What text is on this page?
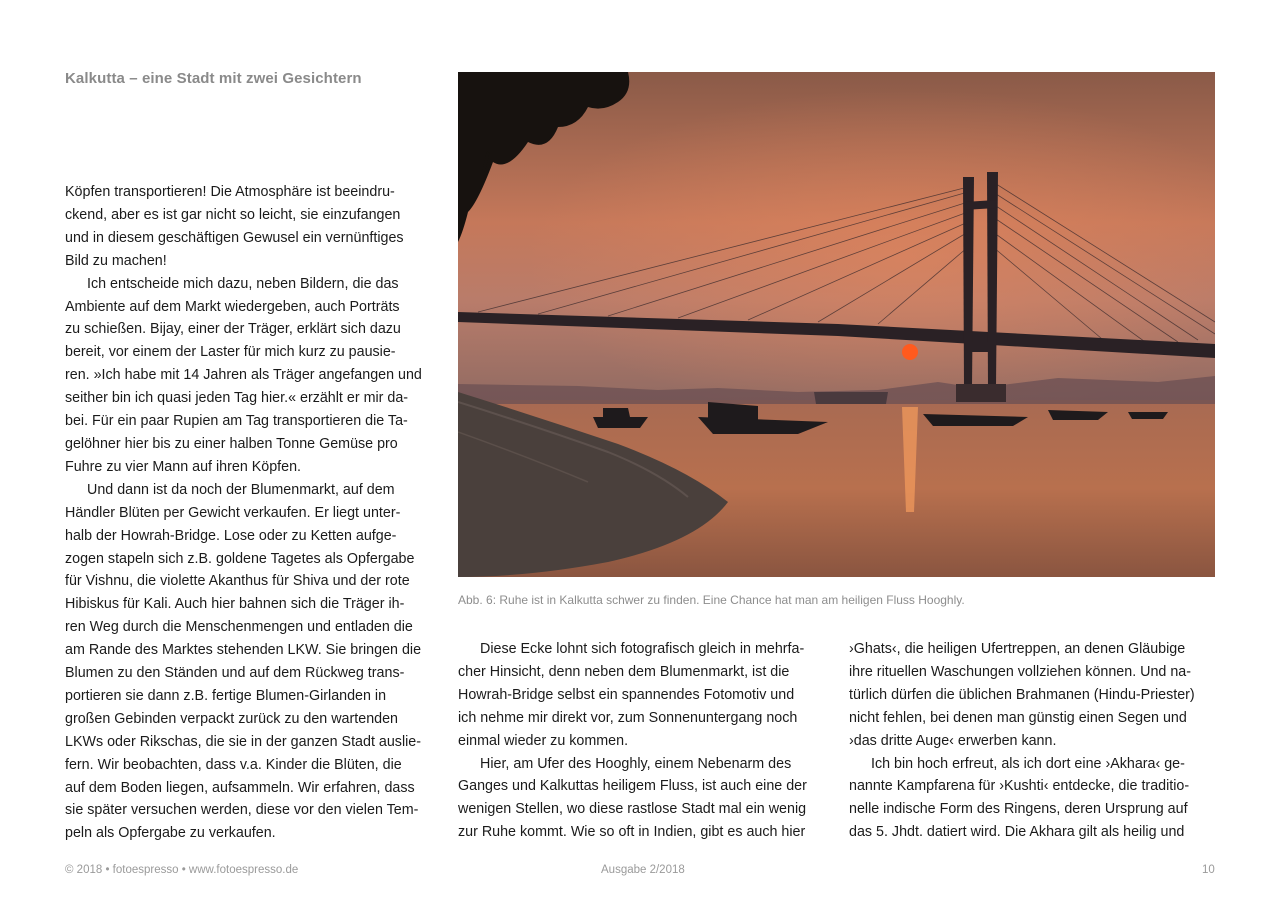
Kalkutta – eine Stadt mit zwei Gesichtern

Köpfen transportieren! Die Atmosphäre ist beeindru-
ckend, aber es ist gar nicht so leicht, sie einzufangen
und in diesem geschäftigen Gewusel ein vernünftiges
Bild zu machen!

Ich entscheide mich dazu, neben Bildern, die das
Ambiente auf dem Markt wiedergeben, auch Porträts
zu schießen. Bijay, einer der Träger, erklärt sich dazu
bereit, vor einem der Laster für mich kurz zu pausie-
ren. »Ich habe mit 14 Jahren als Träger angefangen und
seither bin ich quasi jeden Tag hier.« erzählt er mir da-
bei. Für ein paar Rupien am Tag transportieren die Ta-
gelöhner hier bis zu einer halben Tonne Gemüse pro
Fuhre zu vier Mann auf ihren Köpfen.

Und dann ist da noch der Blumenmarkt, auf dem
Händler Blüten per Gewicht verkaufen. Er liegt unter-
halb der Howrah-Bridge. Lose oder zu Ketten aufge-
zogen stapeln sich z.B. goldene Tagetes als Opfergabe
für Vishnu, die violette Akanthus für Shiva und der rote
Hibiskus für Kali. Auch hier bahnen sich die Träger ih-
ren Weg durch die Menschenmengen und entladen die
am Rande des Marktes stehenden LKW. Sie bringen die
Blumen zu den Ständen und auf dem Rückweg trans-
portieren sie dann z.B. fertige Blumen-Girlanden in
großen Gebinden verpackt zurück zu den wartenden
LKWs oder Rikschas, die sie in der ganzen Stadt auslie-
fern. Wir beobachten, dass v.a. Kinder die Blüten, die
auf dem Boden liegen, aufsammeln. Wir erfahren, dass
sie später versuchen werden, diese vor den vielen Tem-
peln als Opfergabe zu verkaufen.

Abb. 6: Ruhe ist in Kalkutta schwer zu finden. Eine Chance hat man am heiligen Fluss Hooghly.

Diese Ecke lohnt sich fotografisch gleich in mehrfa-
cher Hinsicht, denn neben dem Blumenmarkt, ist die
Howrah-Bridge selbst ein spannendes Fotomotiv und
ich nehme mir direkt vor, zum Sonnenuntergang noch
einmal wieder zu kommen.

Hier, am Ufer des Hooghly, einem Nebenarm des
Ganges und Kalkuttas heiligem Fluss, ist auch eine der
wenigen Stellen, wo diese rastlose Stadt mal ein wenig
zur Ruhe kommt. Wie so oft in Indien, gibt es auch hier

›Ghats‹, die heiligen Ufertreppen, an denen Gläubige
ihre rituellen Waschungen vollziehen können. Und na-
türlich dürfen die üblichen Brahmanen (Hindu-Priester)
nicht fehlen, bei denen man günstig einen Segen und
›das dritte Auge‹ erwerben kann.

Ich bin hoch erfreut, als ich dort eine ›Akhara‹ ge-
nannte Kampfarena für ›Kushti‹ entdecke, die traditio-
nelle indische Form des Ringens, deren Ursprung auf
das 5. Jhdt. datiert wird. Die Akhara gilt als heilig und

© 2018 • fotoespresso • www.fotoespresso.de	Ausgabe 2/2018	10
